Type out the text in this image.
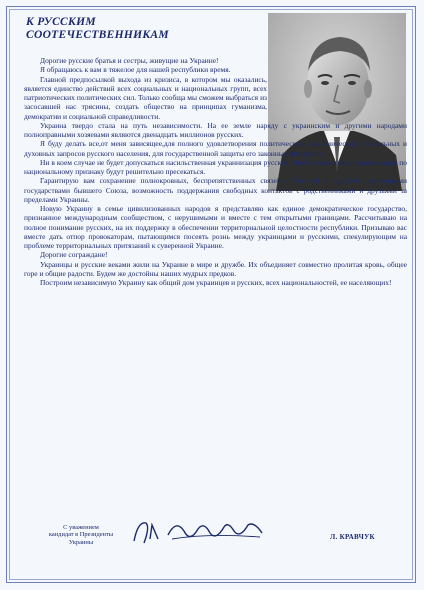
К РУССКИМ
СООТЕЧЕСТВЕННИКАМ

Дорогие русские братья и сестры, живущие на Украине!

Я обращаюсь к вам в тяжелое для нашей республики время.

Главной предпосылкой выхода из кризиса, в котором мы оказались, является единство действий всех социальных и национальных групп, всех патриотических политических сил. Только сообща мы сможем выбраться из засосавшей нас трясины, создать общество на принципах гуманизма, демократии и социальной справедливости.

Украина твердо стала на путь независимости. На ее земле наряду с украинским и другими народами полноправными хозяевами являются двенадцать миллионов русских.

Я буду делать все,от меня зависящее,для полного удовлетворения политических, экономических, социальных и духовных запросов русского населения, для государственной защиты его законных интересов.

Ни в коем случае не будет допускаться насильственная украинизация русских. Любые попытки дискриминации по национальному признаку будут решительно пресекаться.

Гарантирую вам сохранение полнокровных, беспрепятственных связей с Россией и другими суверенными государствами бывшего Союза, возможность поддержания свободных контактов с родственниками и друзьями за пределами Украины.

Новую Украину в семье цивилизованных народов я представляю как единое демократическое государство, признанное международным сообществом, с нерушимыми и вместе с тем открытыми границами. Рассчитываю на полное понимание русских, на их поддержку в обеспечении территориальной целостности республики. Призываю вас вместе дать отпор провокаторам, пытающимся посеять рознь между украинцами и русскими, спекулирующим на проблеме территориальных притязаний к суверенной Украине.

Дорогие сограждане!

Украинцы и русские веками жили на Украине в мире и дружбе. Их объединяет совместно пролитая кровь, общее горе и общие радости. Будем же достойны наших мудрых предков.

Построим независимую Украину как общий дом украинцев и русских, всех национальностей, ее населяющих!

С уважением
кандидат в Президенты
Украины
Л. КРАВЧУК
